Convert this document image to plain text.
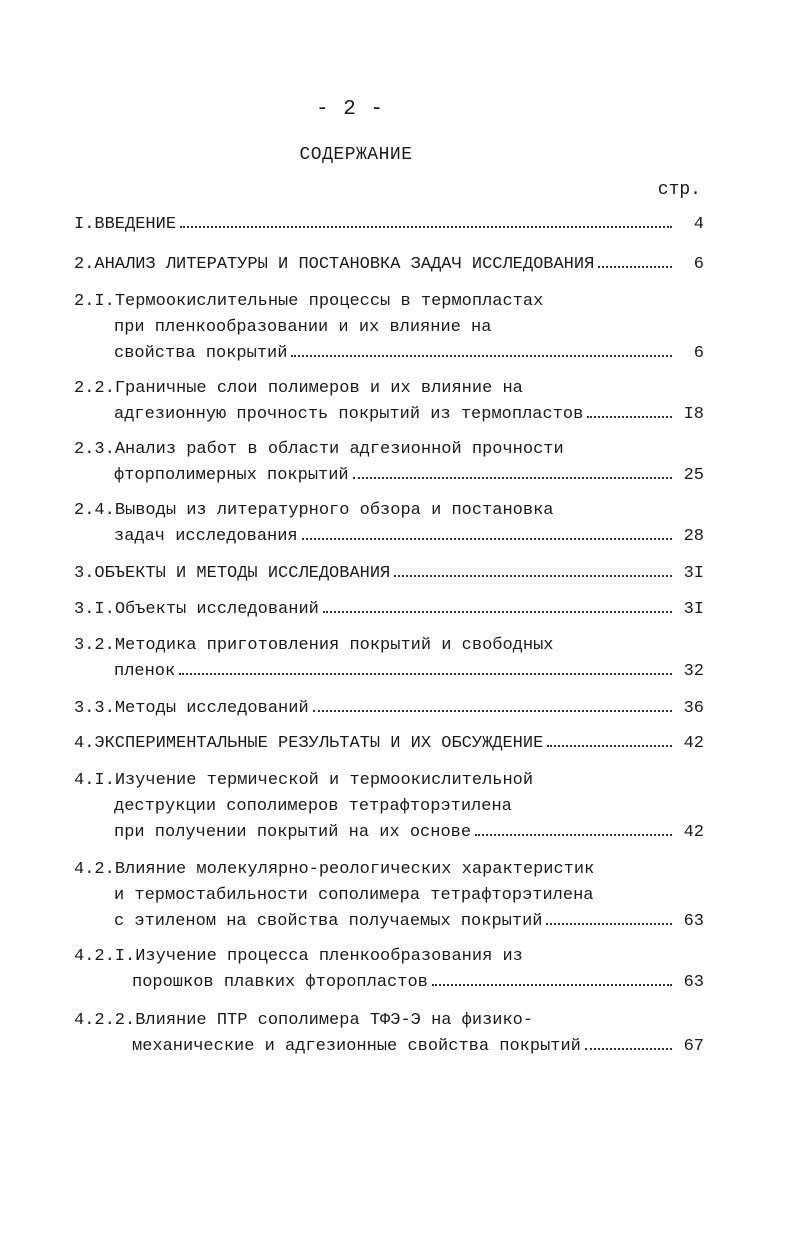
- 2 -
СОДЕРЖАНИЕ
стр.
I. ВВЕДЕНИЕ	4
2. АНАЛИЗ ЛИТЕРАТУРЫ И ПОСТАНОВКА ЗАДАЧ ИССЛЕДОВАНИЯ	6
2.I. Термоокислительные процессы в термопластах
при пленкообразовании и их влияние на
свойства покрытий	6
2.2. Граничные слои полимеров и их влияние на
адгезионную прочность покрытий из термопластов	I8
2.3. Анализ работ в области адгезионной прочности
фторполимерных покрытий	25
2.4. Выводы из литературного обзора и постановка
задач исследования	28
3. ОБЪЕКТЫ И МЕТОДЫ ИССЛЕДОВАНИЯ	3I
3.I. Объекты исследований	3I
3.2. Методика приготовления покрытий и свободных
пленок	32
3.3. Методы исследований	36
4. ЭКСПЕРИМЕНТАЛЬНЫЕ РЕЗУЛЬТАТЫ И ИХ ОБСУЖДЕНИЕ	42
4.I. Изучение термической и термоокислительной
деструкции сополимеров тетрафторэтилена
при получении покрытий на их основе	42
4.2. Влияние молекулярно-реологических характеристик
и термостабильности сополимера тетрафторэтилена
с этиленом на свойства получаемых покрытий	63
4.2.I. Изучение процесса пленкообразования из
порошков плавких фторопластов	63
4.2.2. Влияние ПТР сополимера ТФЭ-Э на физико-
механические и адгезионные свойства покрытий	67
